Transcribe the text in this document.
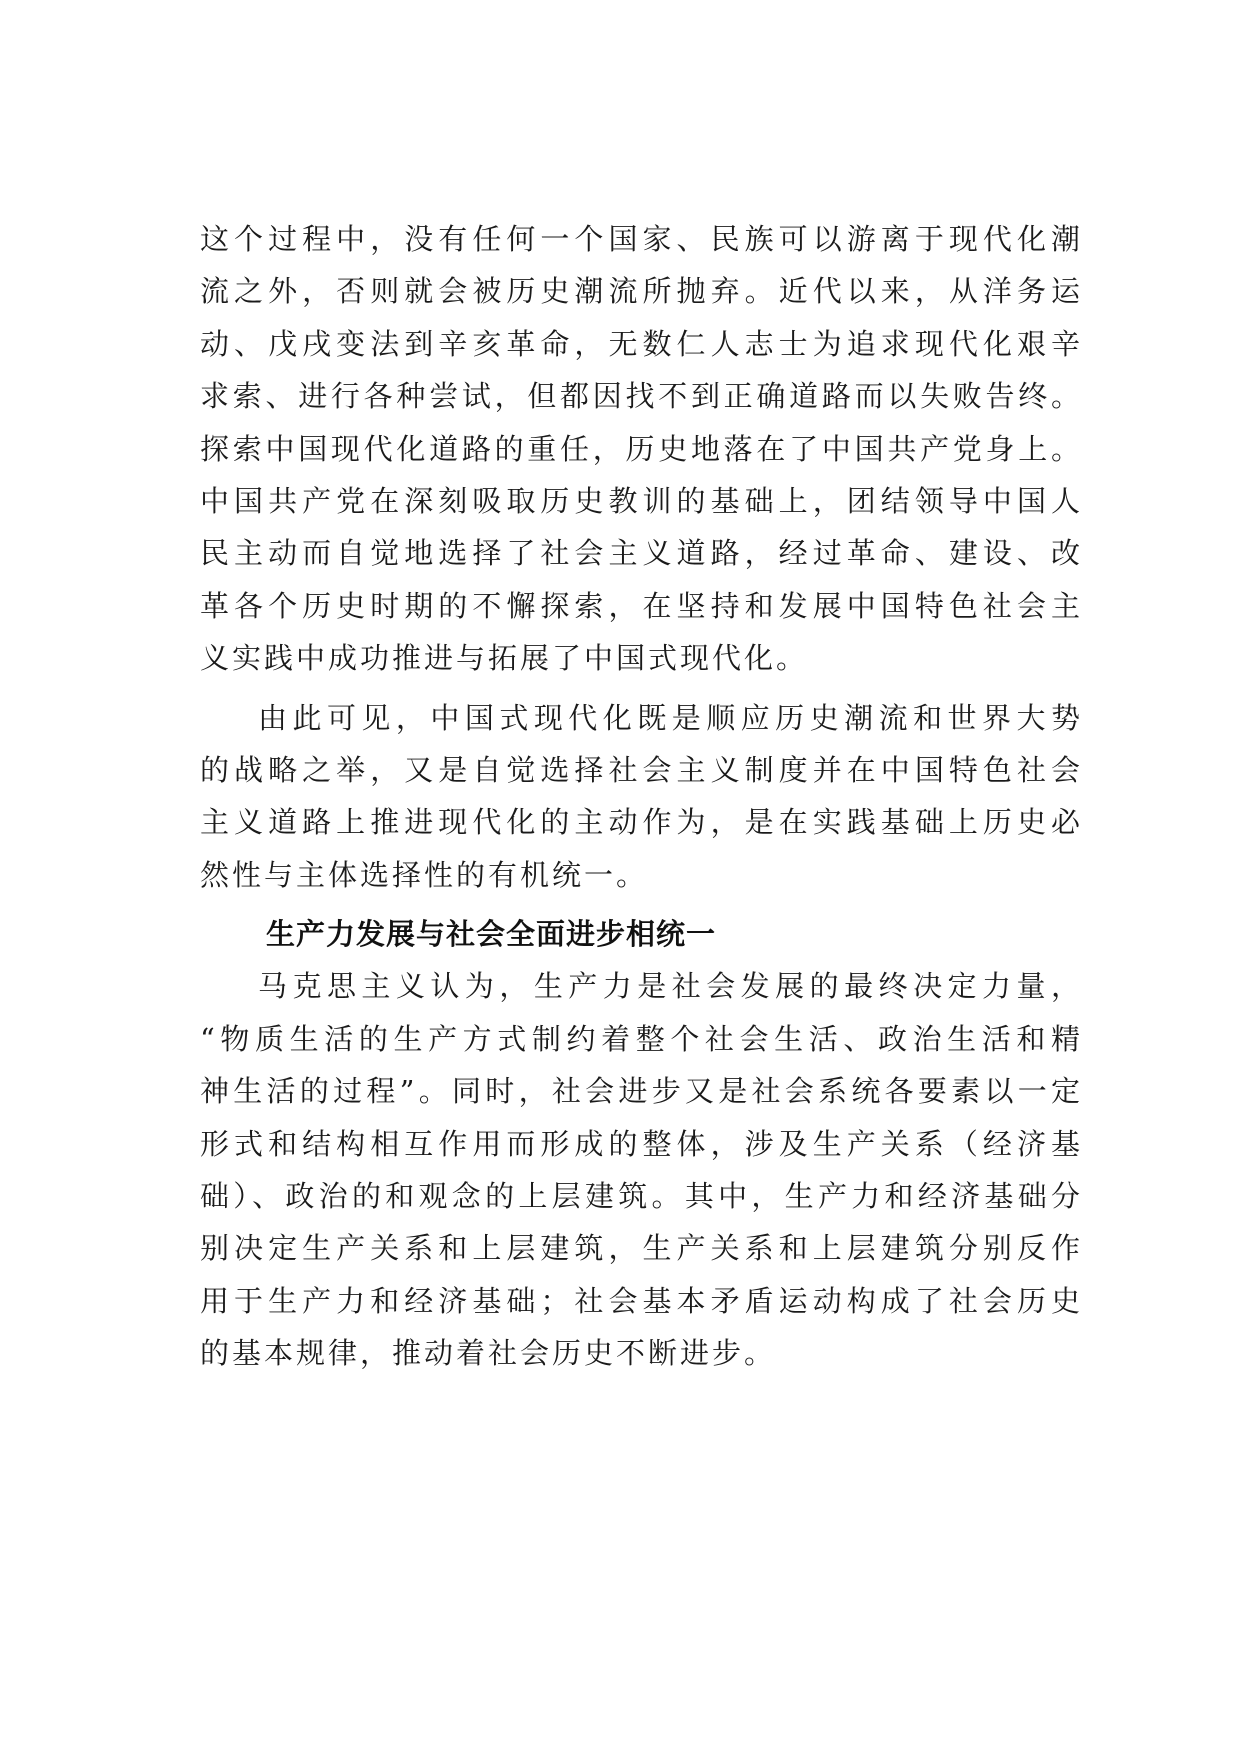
这个过程中，没有任何一个国家、民族可以游离于现代化潮
流之外，否则就会被历史潮流所抛弃。近代以来，从洋务运
动、戊戌变法到辛亥革命，无数仁人志士为追求现代化艰辛
求索、进行各种尝试，但都因找不到正确道路而以失败告终。
探索中国现代化道路的重任，历史地落在了中国共产党身上。
中国共产党在深刻吸取历史教训的基础上，团结领导中国人
民主动而自觉地选择了社会主义道路，经过革命、建设、改
革各个历史时期的不懈探索，在坚持和发展中国特色社会主
义实践中成功推进与拓展了中国式现代化。
由此可见，中国式现代化既是顺应历史潮流和世界大势
的战略之举，又是自觉选择社会主义制度并在中国特色社会
主义道路上推进现代化的主动作为，是在实践基础上历史必
然性与主体选择性的有机统一。
生产力发展与社会全面进步相统一
马克思主义认为，生产力是社会发展的最终决定力量，
“物质生活的生产方式制约着整个社会生活、政治生活和精
神生活的过程”。同时，社会进步又是社会系统各要素以一定
形式和结构相互作用而形成的整体，涉及生产关系（经济基
础）、政治的和观念的上层建筑。其中，生产力和经济基础分
别决定生产关系和上层建筑，生产关系和上层建筑分别反作
用于生产力和经济基础；社会基本矛盾运动构成了社会历史
的基本规律，推动着社会历史不断进步。
